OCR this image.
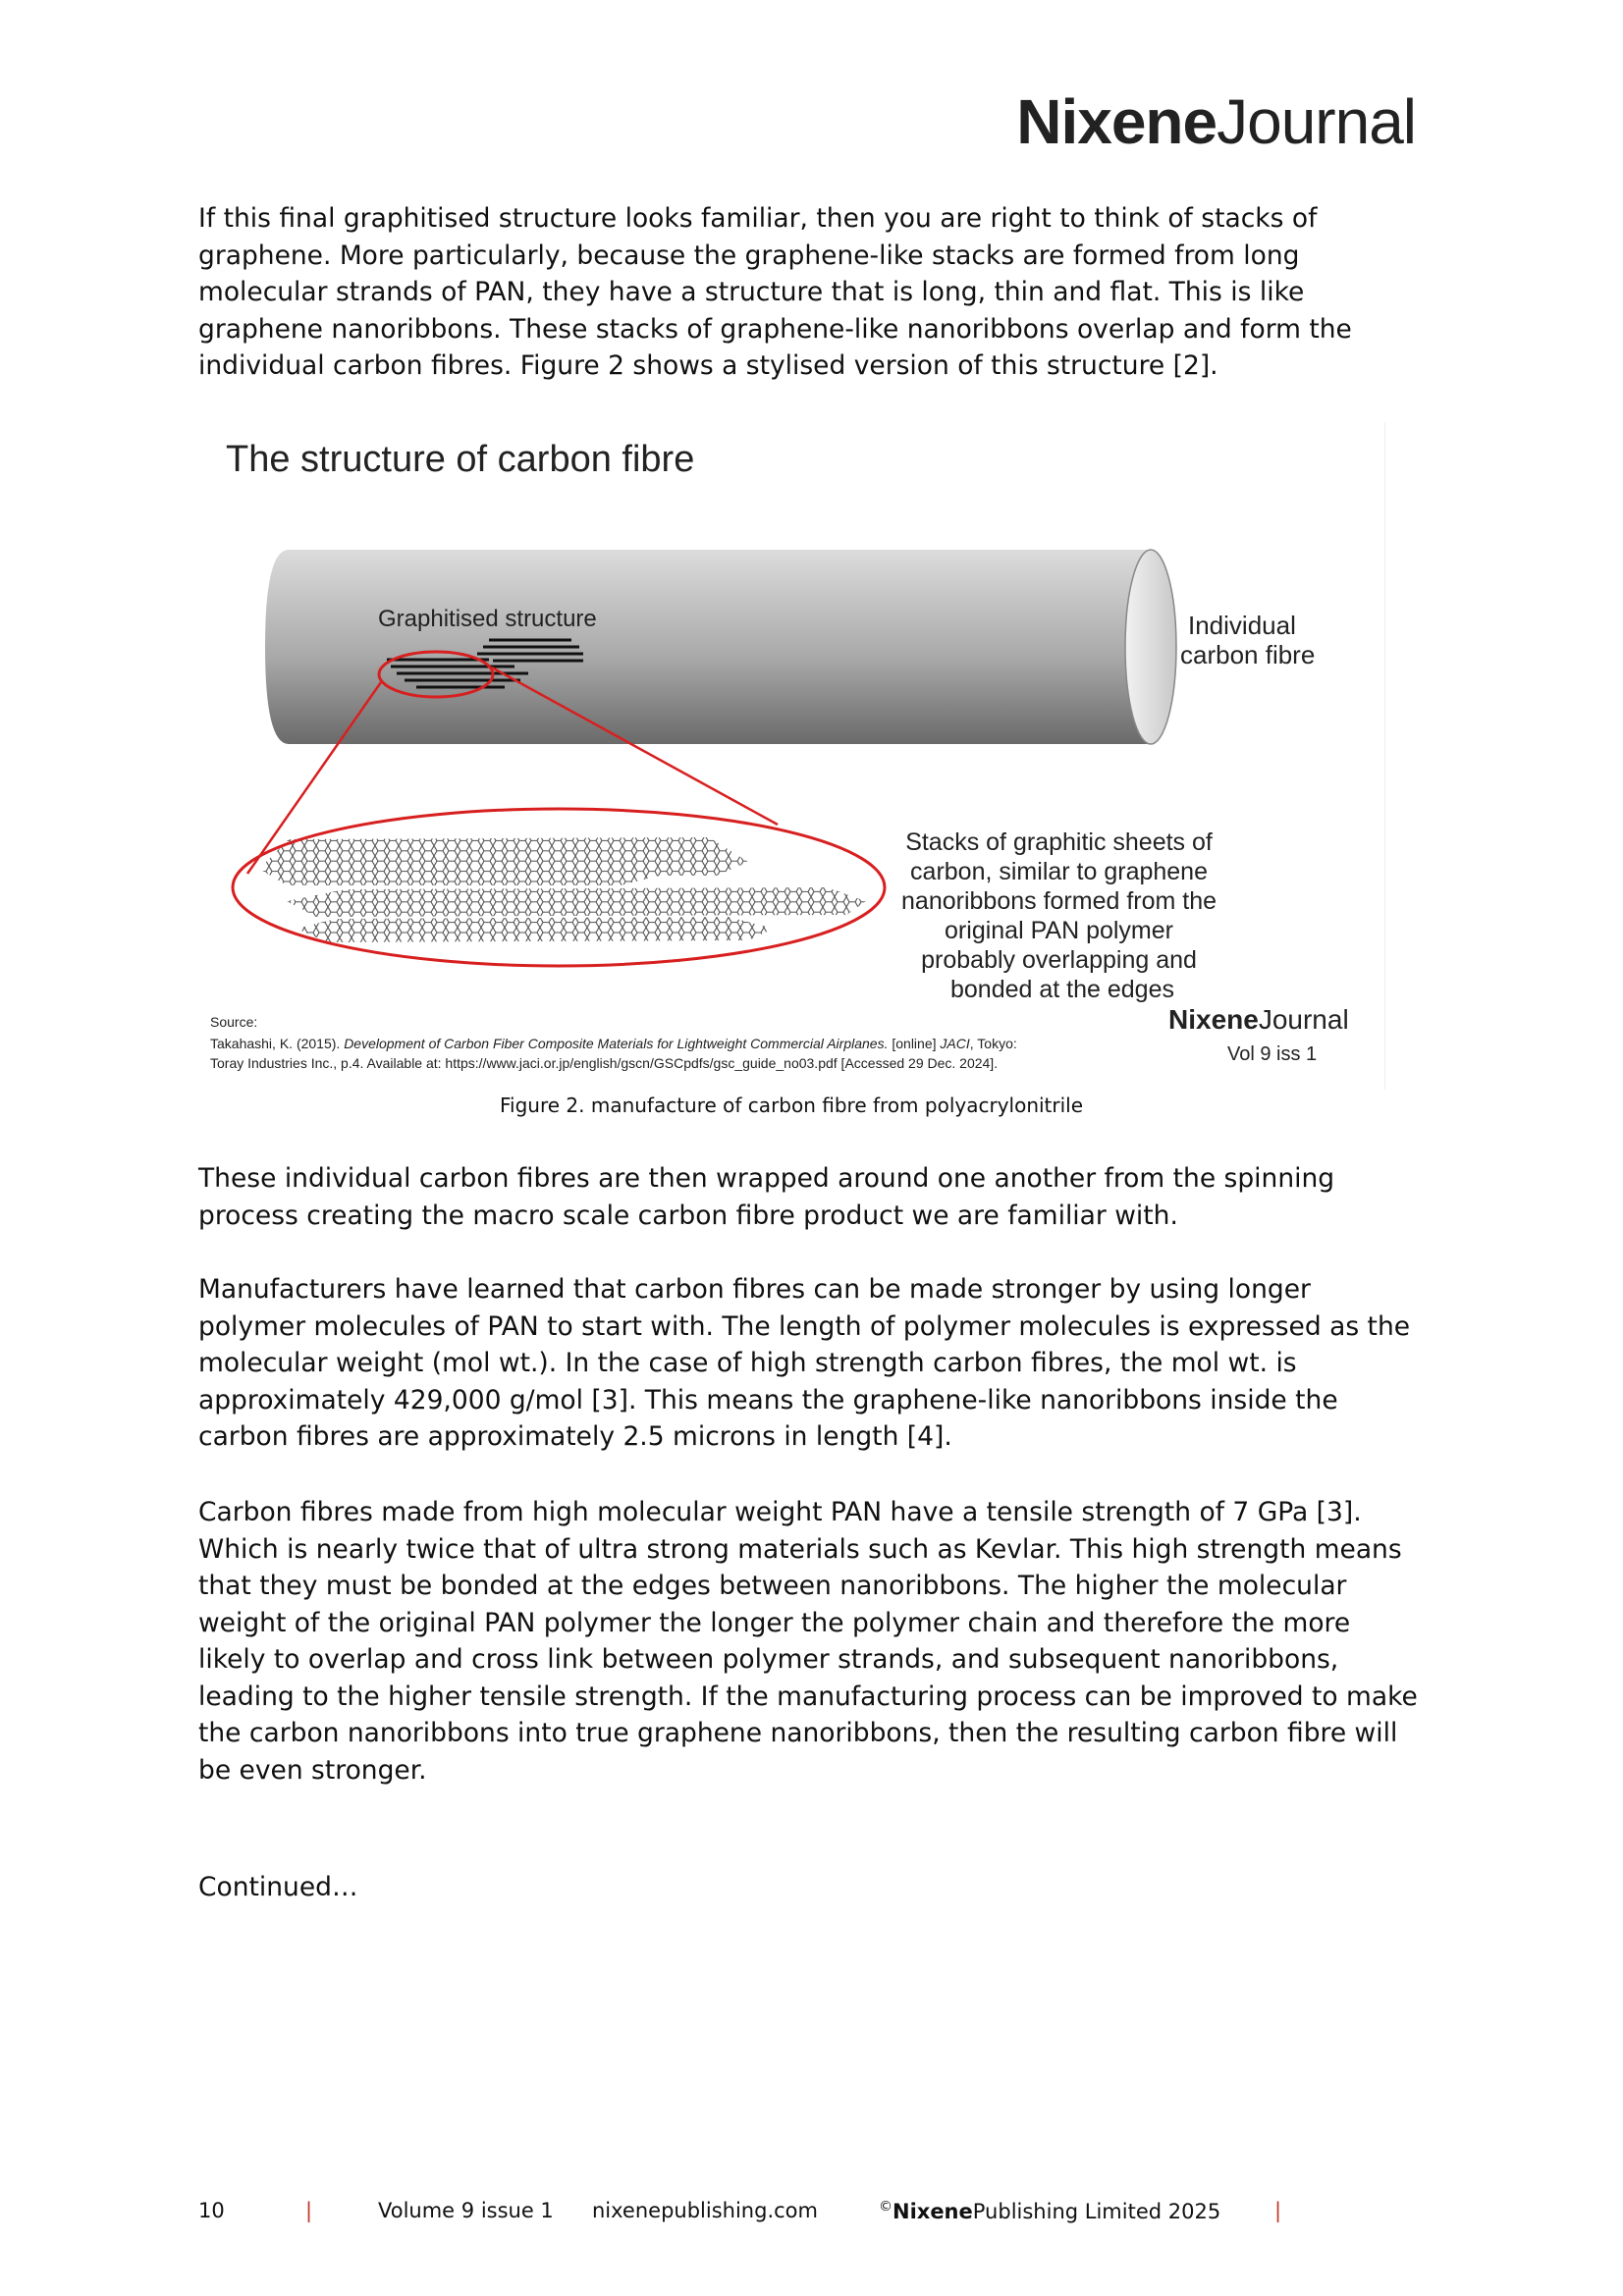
NixeneJournal

If this final graphitised structure looks familiar, then you are right to think of stacks of graphene. More particularly, because the graphene-like stacks are formed from long molecular strands of PAN, they have a structure that is long, thin and flat. This is like graphene nanoribbons. These stacks of graphene-like nanoribbons overlap and form the individual carbon fibres. Figure 2 shows a stylised version of this structure [2].

The structure of carbon fibre
Graphitised structure	Individual carbon fibre
Stacks of graphitic sheets of carbon, similar to graphene nanoribbons formed from the original PAN polymer probably overlapping and bonded at the edges
Source:
Takahashi, K. (2015). Development of Carbon Fiber Composite Materials for Lightweight Commercial Airplanes. [online] JACI, Tokyo:
Toray Industries Inc., p.4. Available at: https://www.jaci.or.jp/english/gscn/GSCpdfs/gsc_guide_no03.pdf [Accessed 29 Dec. 2024].
NixeneJournal
Vol 9 iss 1
Figure 2. manufacture of carbon fibre from polyacrylonitrile

These individual carbon fibres are then wrapped around one another from the spinning process creating the macro scale carbon fibre product we are familiar with.

Manufacturers have learned that carbon fibres can be made stronger by using longer polymer molecules of PAN to start with. The length of polymer molecules is expressed as the molecular weight (mol wt.). In the case of high strength carbon fibres, the mol wt. is approximately 429,000 g/mol [3]. This means the graphene-like nanoribbons inside the carbon fibres are approximately 2.5 microns in length [4].

Carbon fibres made from high molecular weight PAN have a tensile strength of 7 GPa [3]. Which is nearly twice that of ultra strong materials such as Kevlar. This high strength means that they must be bonded at the edges between nanoribbons. The higher the molecular weight of the original PAN polymer the longer the polymer chain and therefore the more likely to overlap and cross link between polymer strands, and subsequent nanoribbons, leading to the higher tensile strength. If the manufacturing process can be improved to make the carbon nanoribbons into true graphene nanoribbons, then the resulting carbon fibre will be even stronger.

Continued…

10	|	Volume 9 issue 1 nixenepublishing.com	©NixenePublishing Limited 2025	|
